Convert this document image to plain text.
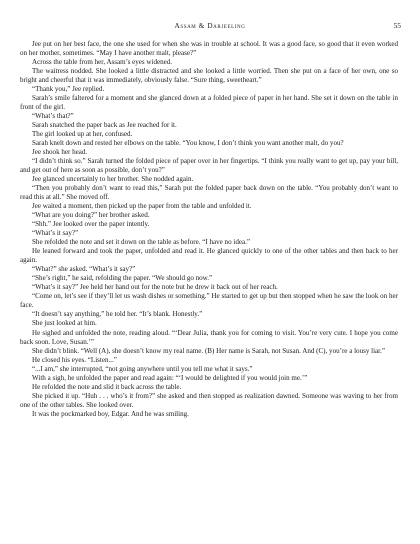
Assam & Darjeeling	55

Jee put on her best face, the one she used for when she was in trouble at school. It was a good face, so good that it even worked on her mother, sometimes. “May I have another malt, please?”

Across the table from her, Assam’s eyes widened.

The waitress nodded. She looked a little distracted and she looked a little worried. Then she put on a face of her own, one so bright and cheerful that it was immediately, obviously false. “Sure thing, sweetheart.”

“Thank you,” Jee replied.

Sarah’s smile faltered for a moment and she glanced down at a folded piece of paper in her hand. She set it down on the table in front of the girl.

“What’s that?”

Sarah snatched the paper back as Jee reached for it.

The girl looked up at her, confused.

Sarah knelt down and rested her elbows on the table. “You know, I don’t think you want another malt, do you?

Jee shook her head.

“I didn’t think so.” Sarah turned the folded piece of paper over in her fingertips. “I think you really want to get up, pay your bill, and get out of here as soon as possible, don’t you?”

Jee glanced uncertainly to her brother. She nodded again.

“Then you probably don’t want to read this,” Sarah put the folded paper back down on the table. “You probably don’t want to read this at all.” She moved off.

Jee waited a moment, then picked up the paper from the table and unfolded it.

“What are you doing?” her brother asked.

“Shh.” Jee looked over the paper intently.

“What’s it say?”

She refolded the note and set it down on the table as before. “I have no idea.”

He leaned forward and took the paper, unfolded and read it. He glanced quickly to one of the other tables and then back to her again.

“What?” she asked. “What’s it say?”

“She’s right,” he said, refolding the paper. “We should go now.”

“What’s it say?” Jee held her hand out for the note but he drew it back out of her reach.

“Come on, let’s see if they’ll let us wash dishes or something.” He started to get up but then stopped when he saw the look on her face.

“It doesn’t say anything,” he told her. “It’s blank. Honestly.”

She just looked at him.

He sighed and unfolded the note, reading aloud. “‘Dear Julia, thank you for coming to visit. You’re very cute. I hope you come back soon. Love, Susan.’”

She didn’t blink. “Well (A), she doesn’t know my real name. (B) Her name is Sarah, not Susan. And (C), you’re a lousy liar.”

He closed his eyes. “Listen...”

“...I am,” she interrupted, “not going anywhere until you tell me what it says.”

With a sigh, he unfolded the paper and read again: “‘I would be delighted if you would join me.’”

He refolded the note and slid it back across the table.

She picked it up. “Huh . . . who’s it from?” she asked and then stopped as realization dawned. Someone was waving to her from one of the other tables. She looked over.

It was the pockmarked boy, Edgar. And he was smiling.
